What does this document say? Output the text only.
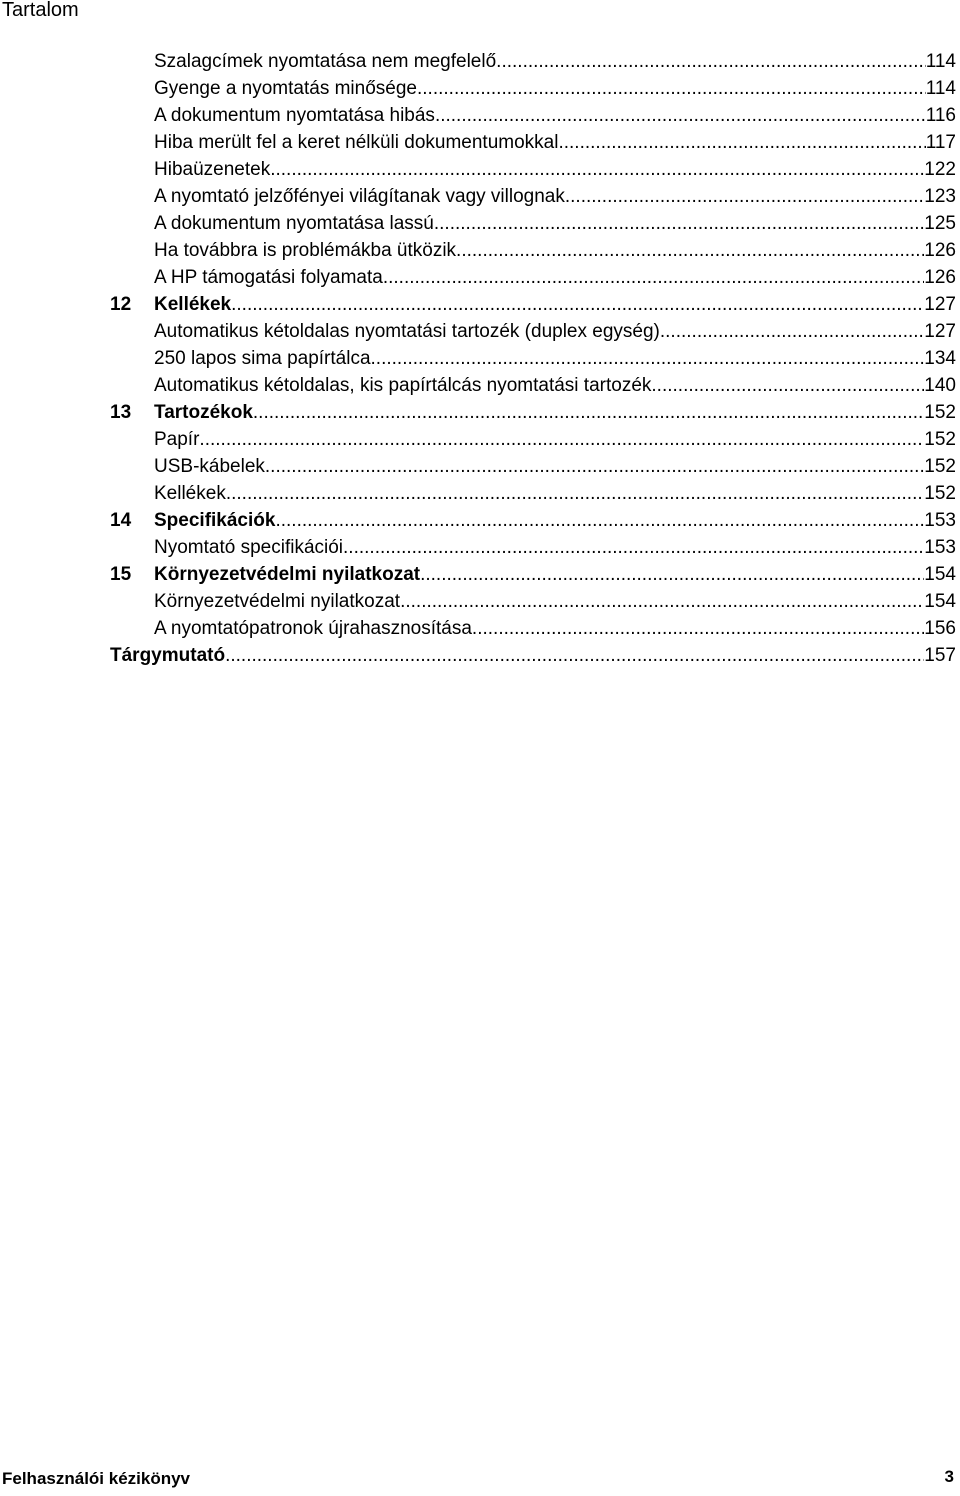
Tartalom
Szalagcímek nyomtatása nem megfelelő .....	114
Gyenge a nyomtatás minősége .....	114
A dokumentum nyomtatása hibás .....	116
Hiba merült fel a keret nélküli dokumentumokkal .....	117
Hibaüzenetek .....	122
A nyomtató jelzőfényei világítanak vagy villognak .....	123
A dokumentum nyomtatása lassú .....	125
Ha továbbra is problémákba ütközik .....	126
A HP támogatási folyamata .....	126
12	Kellékek .....	127
Automatikus kétoldalas nyomtatási tartozék (duplex egység) .....	127
250 lapos sima papírtálca .....	134
Automatikus kétoldalas, kis papírtálcás nyomtatási tartozék .....	140
13	Tartozékok .....	152
Papír .....	152
USB-kábelek .....	152
Kellékek .....	152
14	Specifikációk .....	153
Nyomtató specifikációi .....	153
15	Környezetvédelmi nyilatkozat .....	154
Környezetvédelmi nyilatkozat .....	154
A nyomtatópatronok újrahasznosítása .....	156
Tárgymutató .....	157
Felhasználói kézikönyv	3
